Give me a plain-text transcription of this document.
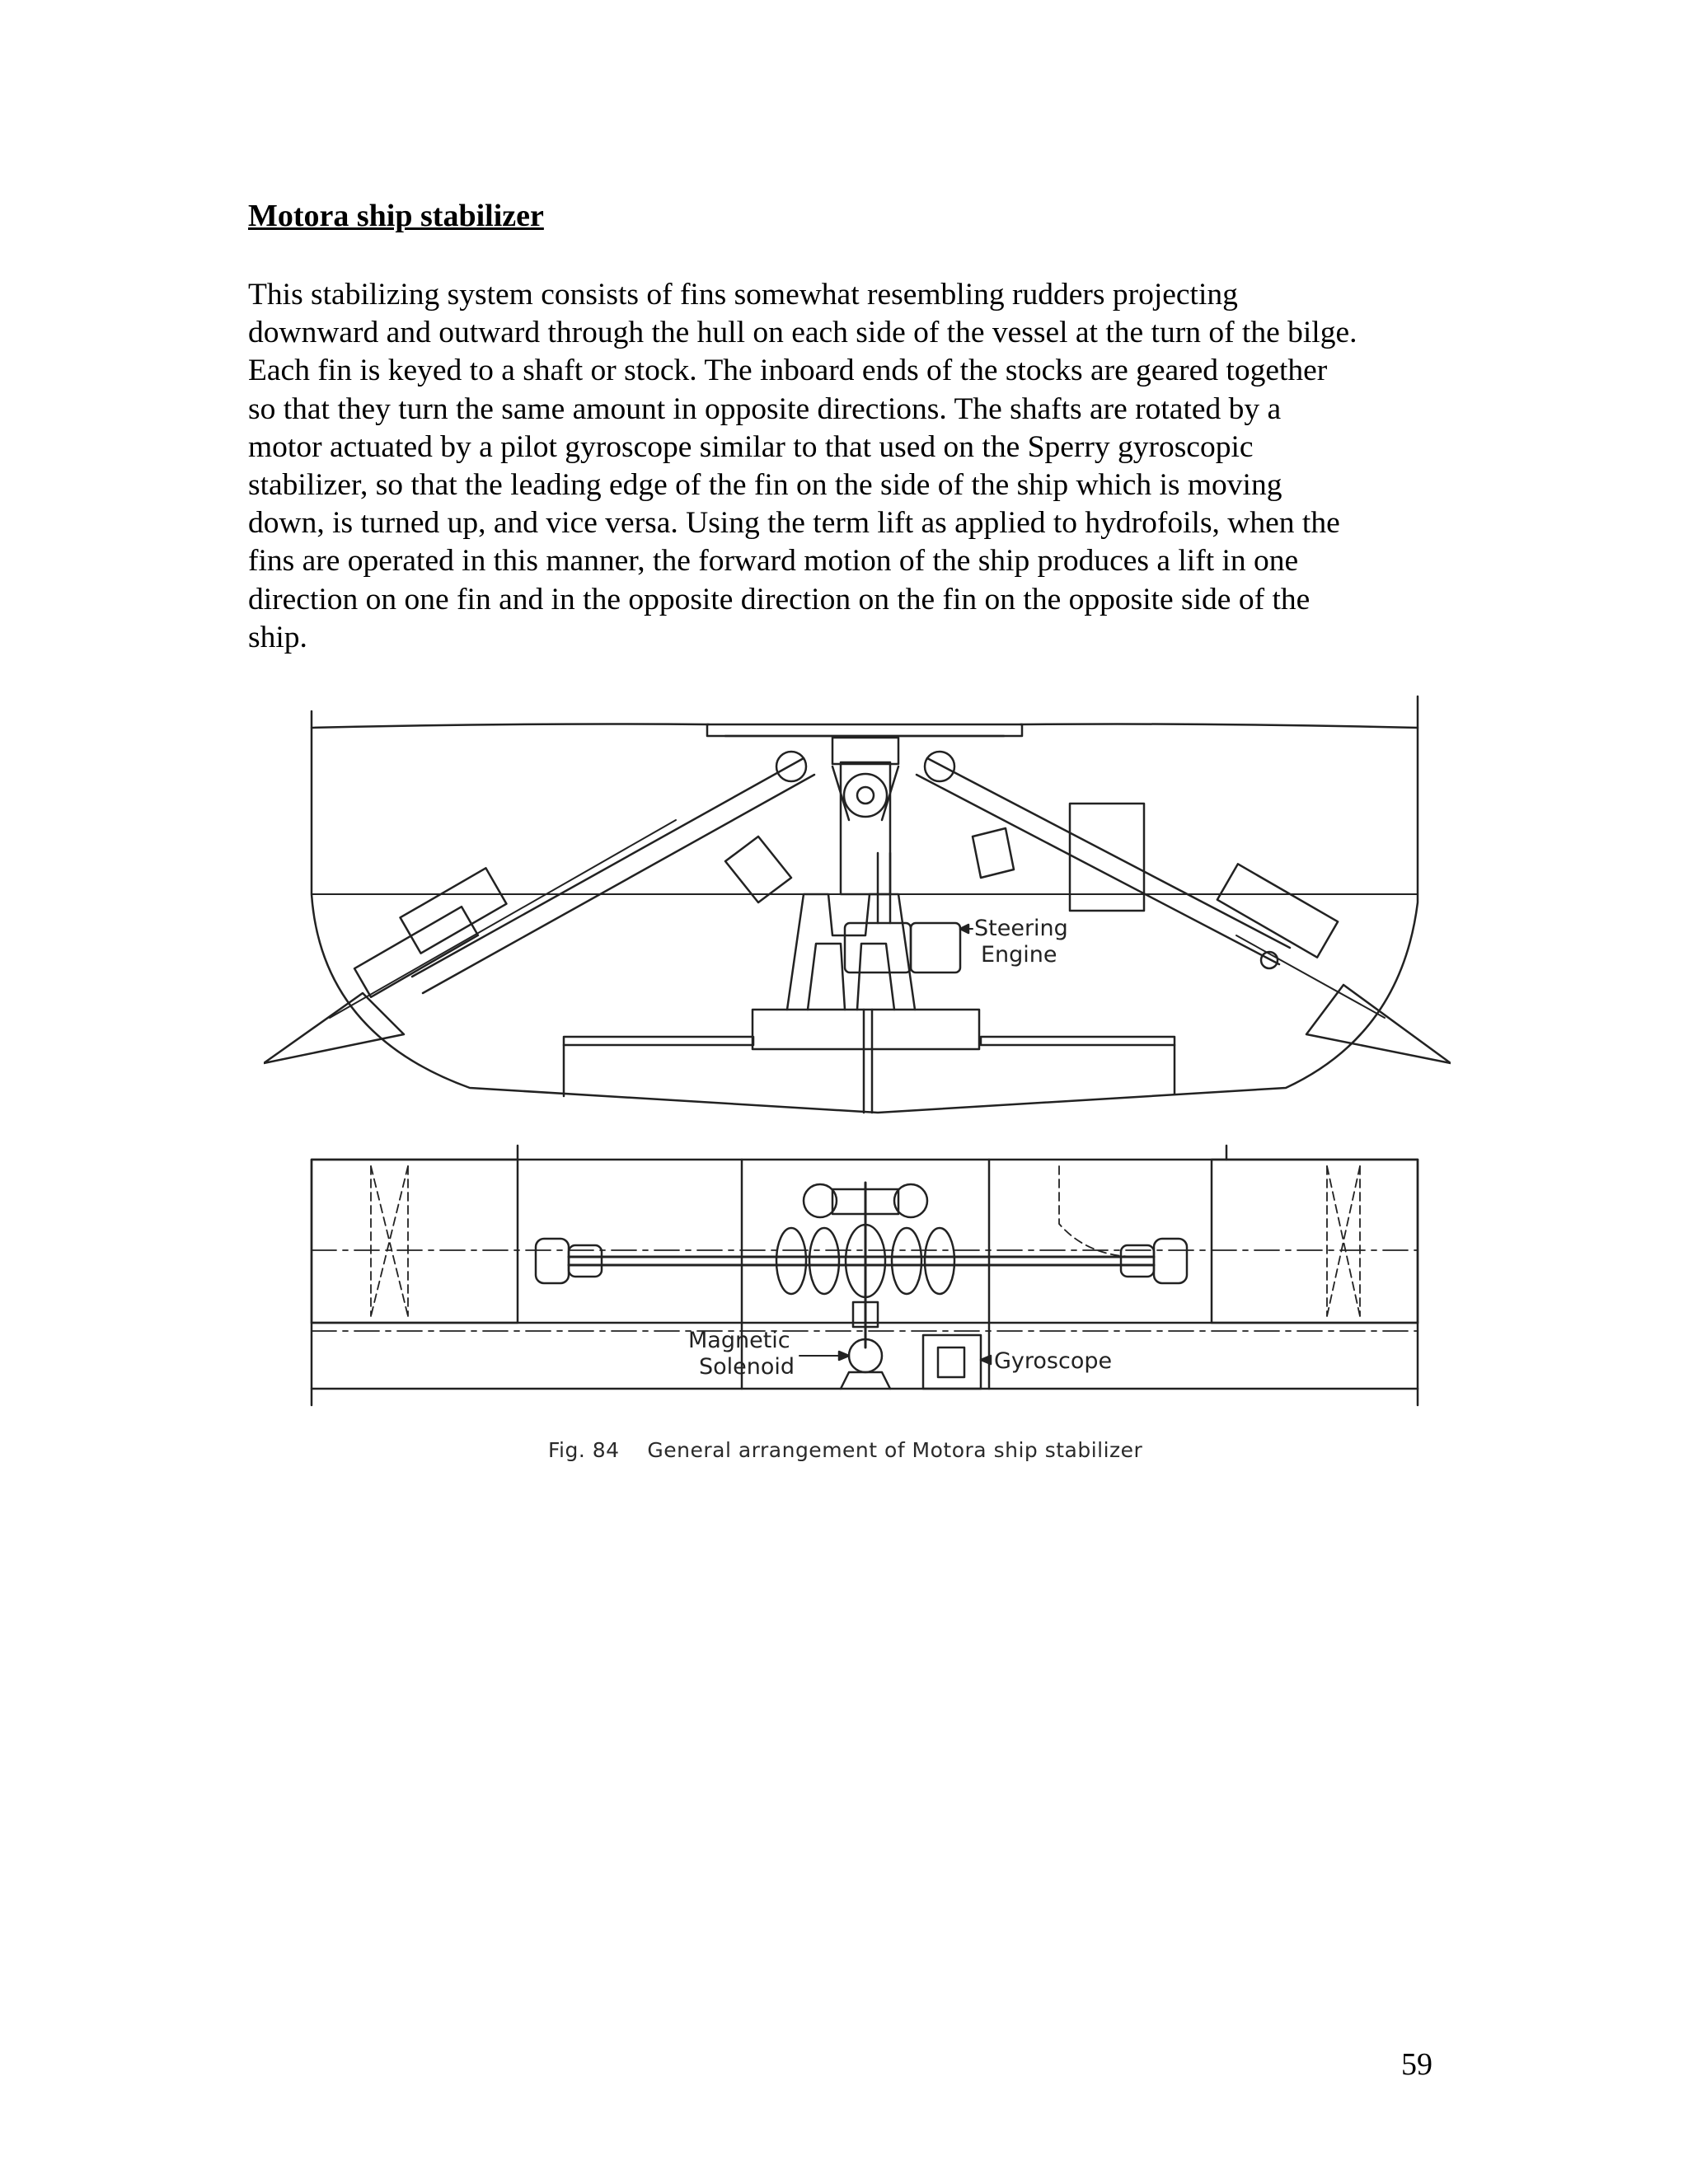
Motora ship stabilizer

This stabilizing system consists of fins somewhat resembling rudders projecting
downward and outward through the hull on each side of the vessel at the turn of the bilge.
Each fin is keyed to a shaft or stock. The inboard ends of the stocks are geared together
so that they turn the same amount in opposite directions. The shafts are rotated by a
motor actuated by a pilot gyroscope similar to that used on the Sperry gyroscopic
stabilizer, so that the leading edge of the fin on the side of the ship which is moving
down, is turned up, and vice versa. Using the term lift as applied to hydrofoils, when the
fins are operated in this manner, the forward motion of the ship produces a lift in one
direction on one fin and in the opposite direction on the fin on the opposite side of the
ship.

Steering
Engine
Magnetic
Solenoid	Gyroscope
Fig. 84    General arrangement of Motora ship stabilizer
59
